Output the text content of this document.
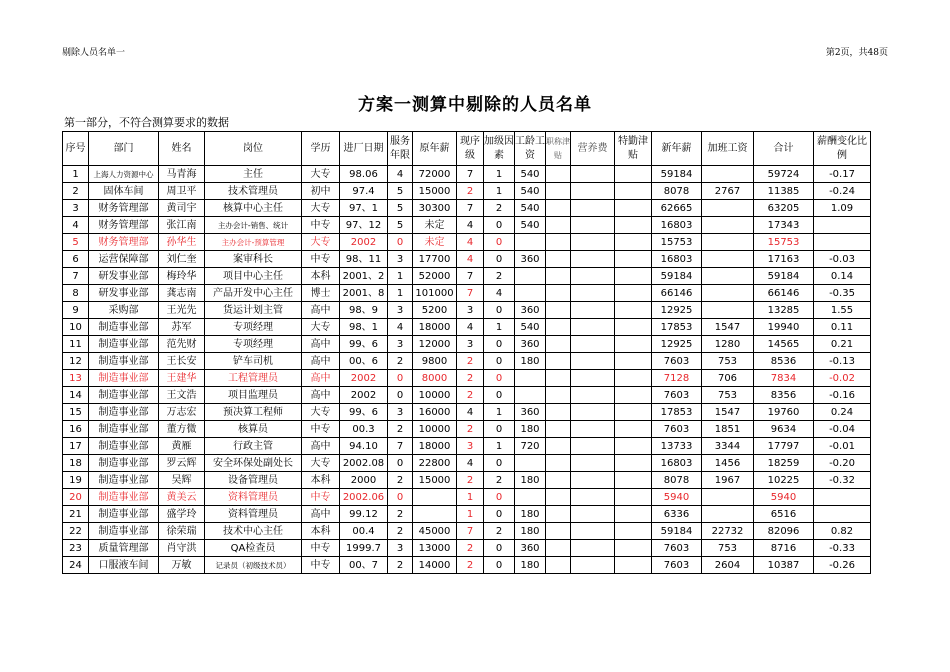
剔除人员名单一	第2页，共48页
方案一测算中剔除的人员名单
第一部分，不符合测算要求的数据
序号	部门	姓名	岗位	学历	进厂日期	服务年限	原年薪	现序级	加级因素	工龄工资	职称津贴	营养费	特勤津贴	新年薪	加班工资	合计	薪酬变化比例

1	上海人力资源中心	马青海	主任	大专	98.06	4	72000	7	1	540				59184		59724	-0.17
2	固体车间	周卫平	技术管理员	初中	97.4	5	15000	2	1	540				8078	2767	11385	-0.24
3	财务管理部	黄司宇	核算中心主任	大专	97、1	5	30300	7	2	540				62665		63205	1.09
4	财务管理部	张江南	主办会计-销售、统计	中专	97、12	5	未定	4	0	540				16803		17343	
5	财务管理部	孙华生	主办会计-预算管理	大专	2002	0	未定	4	0					15753		15753	
6	运营保障部	刘仁奎	案审科长	中专	98、11	3	17700	4	0	360				16803		17163	-0.03
7	研发事业部	梅玲华	项目中心主任	本科	2001、2	1	52000	7	2					59184		59184	0.14
8	研发事业部	龚志南	产品开发中心主任	博士	2001、8	1	101000	7	4					66146		66146	-0.35
9	采购部	王光先	货运计划主管	高中	98、9	3	5200	3	0	360				12925		13285	1.55
10	制造事业部	苏军	专项经理	大专	98、1	4	18000	4	1	540				17853	1547	19940	0.11
11	制造事业部	范先财	专项经理	高中	99、6	3	12000	3	0	360				12925	1280	14565	0.21
12	制造事业部	王长安	铲车司机	高中	00、6	2	9800	2	0	180				7603	753	8536	-0.13
13	制造事业部	王建华	工程管理员	高中	2002	0	8000	2	0					7128	706	7834	-0.02
14	制造事业部	王文浩	项目监理员	高中	2002	0	10000	2	0					7603	753	8356	-0.16
15	制造事业部	万志宏	预决算工程师	大专	99、6	3	16000	4	1	360				17853	1547	19760	0.24
16	制造事业部	董方微	核算员	中专	00.3	2	10000	2	0	180				7603	1851	9634	-0.04
17	制造事业部	黄雁	行政主管	高中	94.10	7	18000	3	1	720				13733	3344	17797	-0.01
18	制造事业部	罗云辉	安全环保处副处长	大专	2002.08	0	22800	4	0					16803	1456	18259	-0.20
19	制造事业部	吴辉	设备管理员	本科	2000	2	15000	2	2	180				8078	1967	10225	-0.32
20	制造事业部	黄美云	资料管理员	中专	2002.06	0		1	0					5940		5940	
21	制造事业部	盛学玲	资料管理员	高中	99.12	2		1	0	180				6336		6516	
22	制造事业部	徐荣瑞	技术中心主任	本科	00.4	2	45000	7	2	180				59184	22732	82096	0.82
23	质量管理部	肖守洪	QA检查员	中专	1999.7	3	13000	2	0	360				7603	753	8716	-0.33
24	口服液车间	万敏	记录员（初级技术员）	中专	00、7	2	14000	2	0	180				7603	2604	10387	-0.26
